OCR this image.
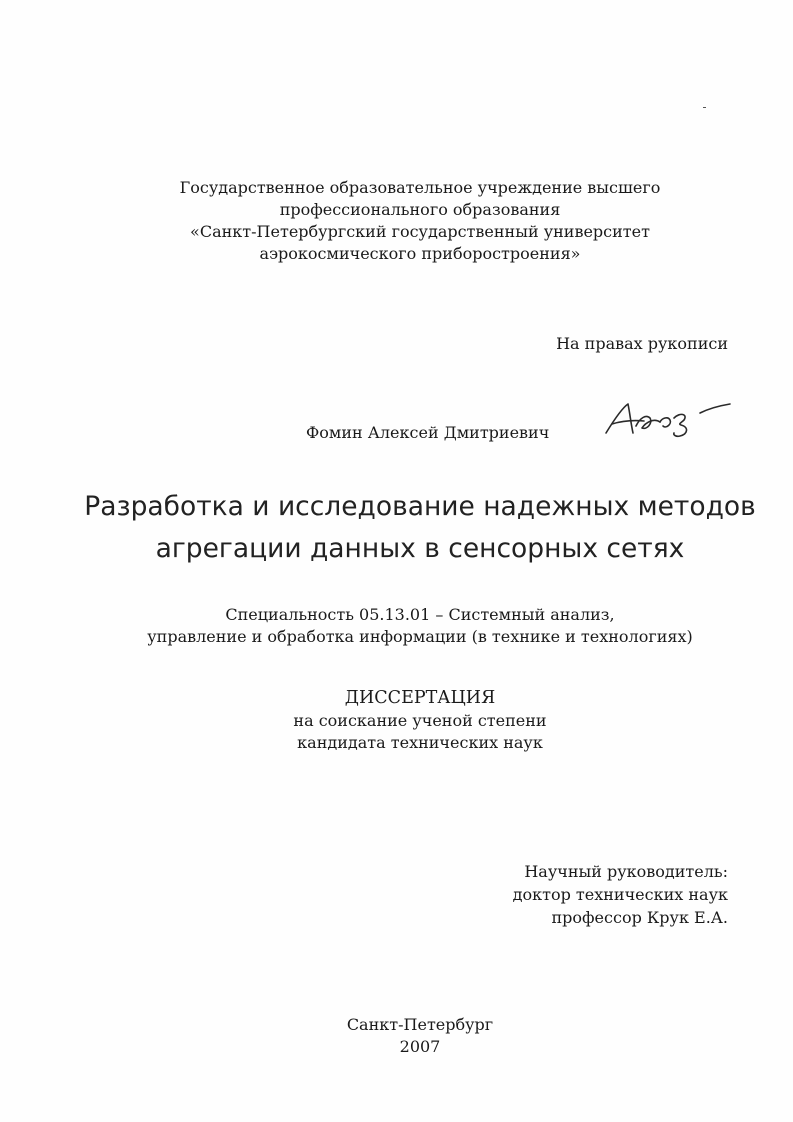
Государственное образовательное учреждение высшего
профессионального образования
«Санкт-Петербургский государственный университет
аэрокосмического приборостроения»
На правах рукописи
Фомин Алексей Дмитриевич
Разработка и исследование надежных методов
агрегации данных в сенсорных сетях
Специальность 05.13.01 – Системный анализ,
управление и обработка информации (в технике и технологиях)
ДИССЕРТАЦИЯ
на соискание ученой степени
кандидата технических наук
Научный руководитель:
доктор технических наук
профессор Крук Е.А.
Санкт-Петербург
2007
